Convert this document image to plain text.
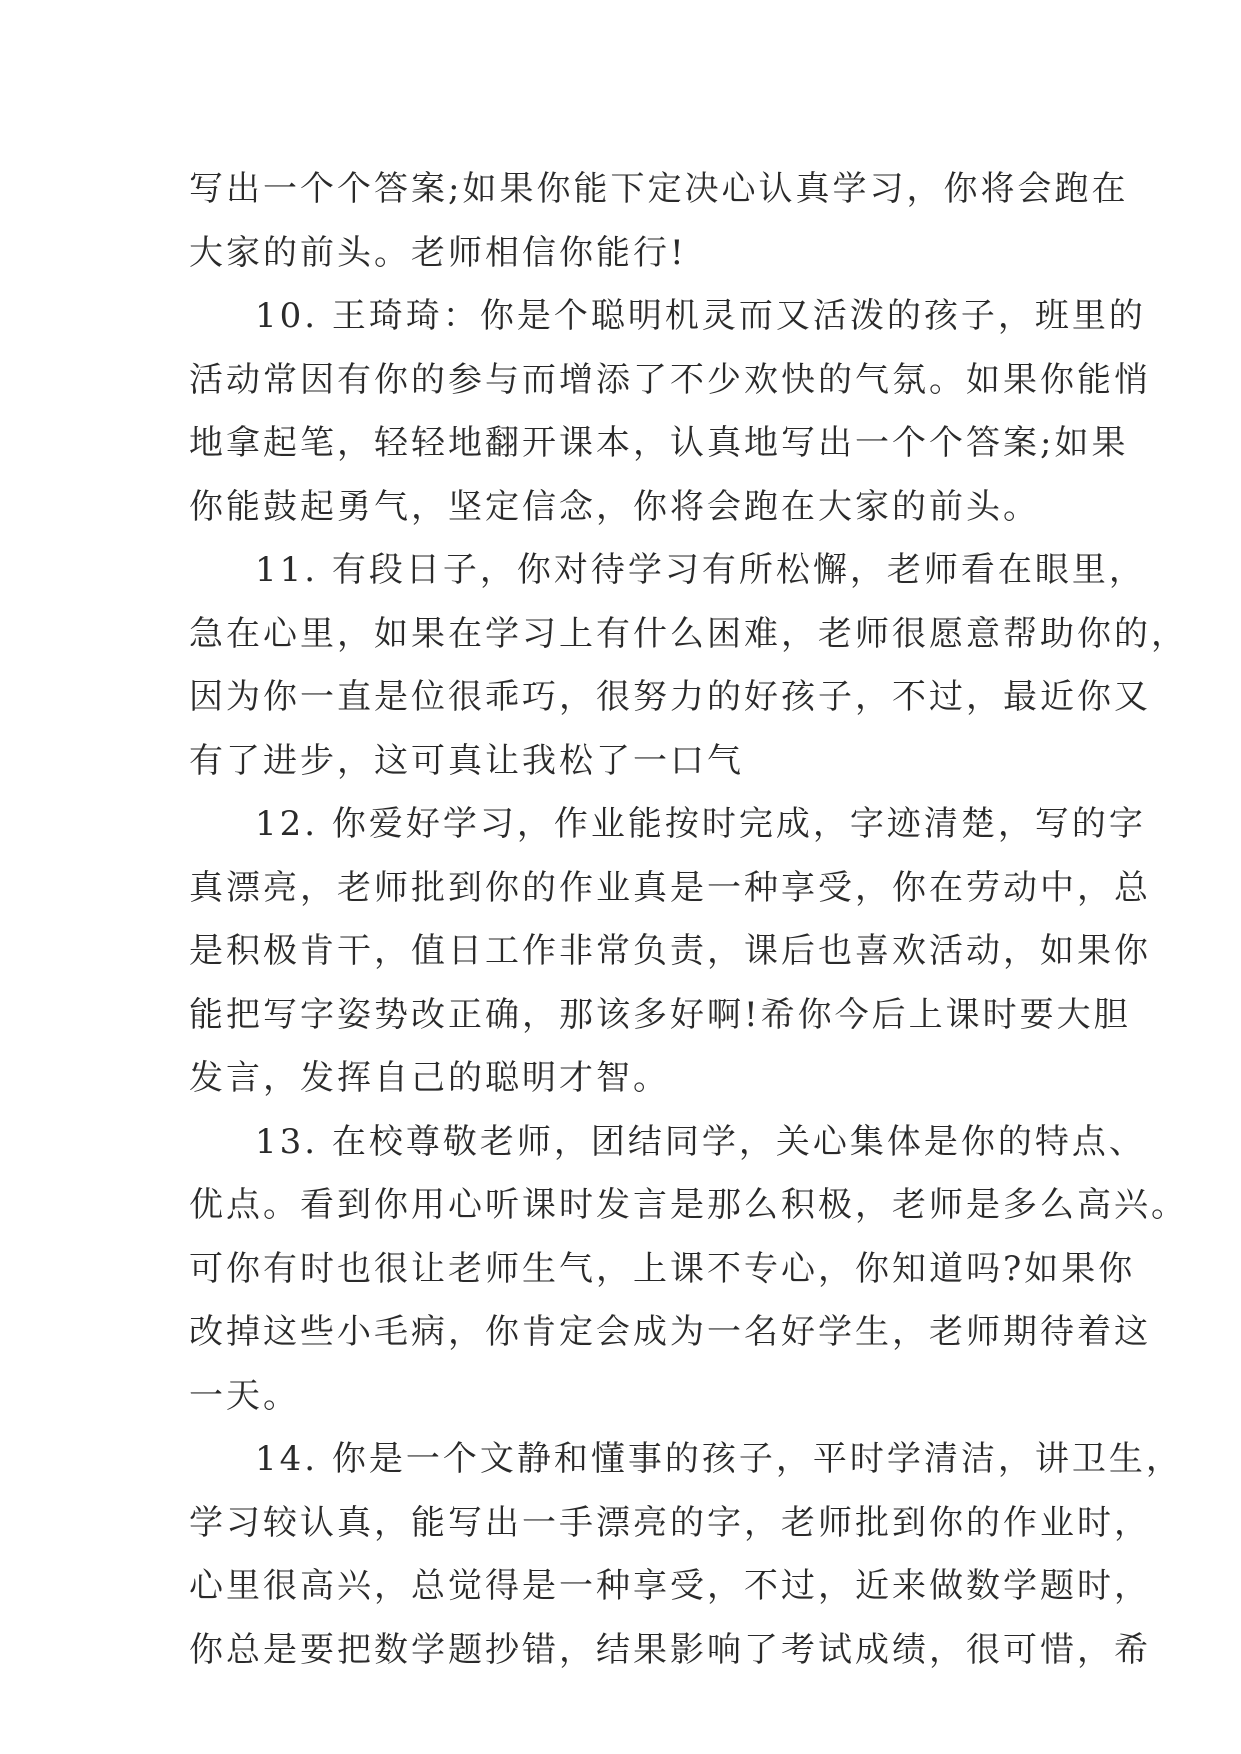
写出一个个答案;如果你能下定决心认真学习，你将会跑在
大家的前头。老师相信你能行!
10. 王琦琦：你是个聪明机灵而又活泼的孩子，班里的
活动常因有你的参与而增添了不少欢快的气氛。如果你能悄
地拿起笔，轻轻地翻开课本，认真地写出一个个答案;如果
你能鼓起勇气，坚定信念，你将会跑在大家的前头。
11. 有段日子，你对待学习有所松懈，老师看在眼里，
急在心里，如果在学习上有什么困难，老师很愿意帮助你的，
因为你一直是位很乖巧，很努力的好孩子，不过，最近你又
有了进步，这可真让我松了一口气
12. 你爱好学习，作业能按时完成，字迹清楚，写的字
真漂亮，老师批到你的作业真是一种享受，你在劳动中，总
是积极肯干，值日工作非常负责，课后也喜欢活动，如果你
能把写字姿势改正确，那该多好啊!希你今后上课时要大胆
发言，发挥自己的聪明才智。
13. 在校尊敬老师，团结同学，关心集体是你的特点、
优点。看到你用心听课时发言是那么积极，老师是多么高兴。
可你有时也很让老师生气，上课不专心，你知道吗?如果你
改掉这些小毛病，你肯定会成为一名好学生，老师期待着这
一天。
14. 你是一个文静和懂事的孩子，平时学清洁，讲卫生，
学习较认真，能写出一手漂亮的字，老师批到你的作业时，
心里很高兴，总觉得是一种享受，不过，近来做数学题时，
你总是要把数学题抄错，结果影响了考试成绩，很可惜，希
